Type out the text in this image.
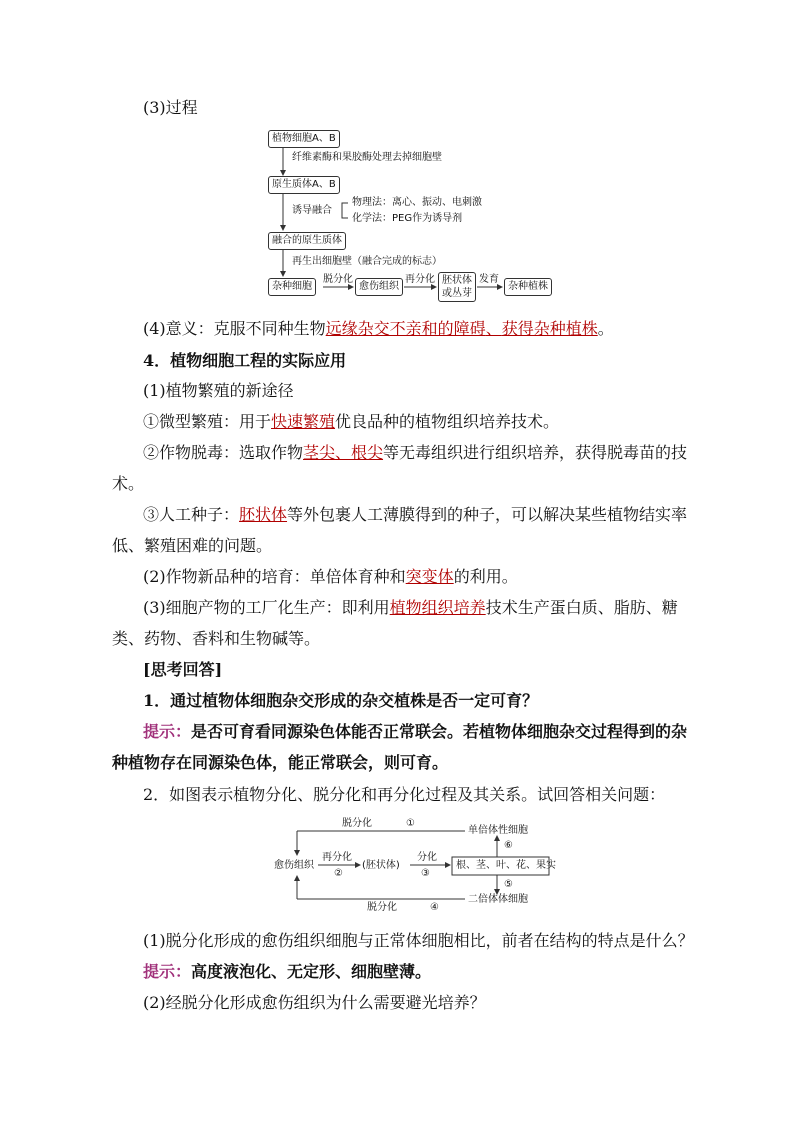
(3)过程
植物细胞A、B
纤维素酶和果胶酶处理去掉细胞壁
原生质体A、B
诱导融合
物理法：离心、振动、电刺激
化学法：PEG作为诱导剂
融合的原生质体
再生出细胞壁（融合完成的标志）
杂种细胞
脱分化
愈伤组织
再分化 胚状体
或丛芽
发育
杂种植株
(4)意义：克服不同种生物远缘杂交不亲和的障碍、获得杂种植株。
4．植物细胞工程的实际应用
(1)植物繁殖的新途径
①微型繁殖：用于快速繁殖优良品种的植物组织培养技术。
②作物脱毒：选取作物茎尖、根尖等无毒组织进行组织培养，获得脱毒苗的技
术。
③人工种子：胚状体等外包裹人工薄膜得到的种子，可以解决某些植物结实率
低、繁殖困难的问题。
(2)作物新品种的培育：单倍体育种和突变体的利用。
(3)细胞产物的工厂化生产：即利用植物组织培养技术生产蛋白质、脂肪、糖
类、药物、香料和生物碱等。
[思考回答]
1．通过植物体细胞杂交形成的杂交植株是否一定可育？
提示：是否可育看同源染色体能否正常联会。若植物体细胞杂交过程得到的杂
种植物存在同源染色体，能正常联会，则可育。
2．如图表示植物分化、脱分化和再分化过程及其关系。试回答相关问题：
脱分化	①
单倍体性细胞
⑥
愈伤组织
再分化
②
(胚状体)
分化
③
根、茎、叶、花、果实
⑤
二倍体体细胞
脱分化	④
(1)脱分化形成的愈伤组织细胞与正常体细胞相比，前者在结构的特点是什么？
提示：高度液泡化、无定形、细胞壁薄。
(2)经脱分化形成愈伤组织为什么需要避光培养？
